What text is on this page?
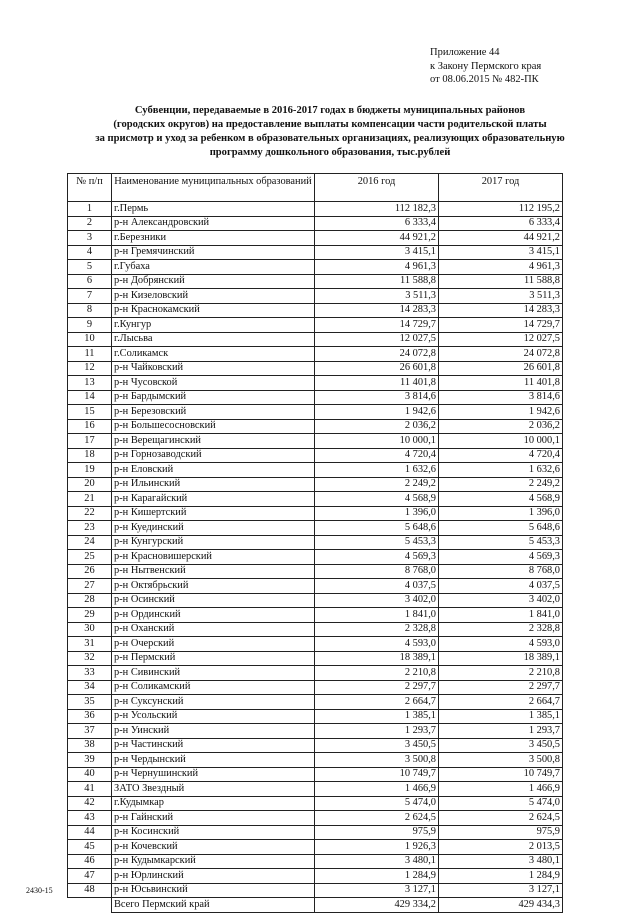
Приложение 44
к Закону Пермского края
от 08.06.2015 № 482-ПК
Субвенции, передаваемые в 2016-2017 годах в бюджеты муниципальных районов
(городских округов) на предоставление выплаты компенсации части родительской платы
за присмотр и уход за ребенком в образовательных организациях, реализующих образовательную
программу дошкольного образования, тыс.рублей
№ п/п	Наименование муниципальных образований	2016 год	2017 год
1	г.Пермь	112 182,3	112 195,2
2	р-н Александровский	6 333,4	6 333,4
3	г.Березники	44 921,2	44 921,2
4	р-н Гремячинский	3 415,1	3 415,1
5	г.Губаха	4 961,3	4 961,3
6	р-н Добрянский	11 588,8	11 588,8
7	р-н Кизеловский	3 511,3	3 511,3
8	р-н Краснокамский	14 283,3	14 283,3
9	г.Кунгур	14 729,7	14 729,7
10	г.Лысьва	12 027,5	12 027,5
11	г.Соликамск	24 072,8	24 072,8
12	р-н Чайковский	26 601,8	26 601,8
13	р-н Чусовской	11 401,8	11 401,8
14	р-н Бардымский	3 814,6	3 814,6
15	р-н Березовский	1 942,6	1 942,6
16	р-н Большесосновский	2 036,2	2 036,2
17	р-н Верещагинский	10 000,1	10 000,1
18	р-н Горнозаводский	4 720,4	4 720,4
19	р-н Еловский	1 632,6	1 632,6
20	р-н Ильинский	2 249,2	2 249,2
21	р-н Карагайский	4 568,9	4 568,9
22	р-н Кишертский	1 396,0	1 396,0
23	р-н Куединский	5 648,6	5 648,6
24	р-н Кунгурский	5 453,3	5 453,3
25	р-н Красновишерский	4 569,3	4 569,3
26	р-н Нытвенский	8 768,0	8 768,0
27	р-н Октябрьский	4 037,5	4 037,5
28	р-н Осинский	3 402,0	3 402,0
29	р-н Ординский	1 841,0	1 841,0
30	р-н Оханский	2 328,8	2 328,8
31	р-н Очерский	4 593,0	4 593,0
32	р-н Пермский	18 389,1	18 389,1
33	р-н Сивинский	2 210,8	2 210,8
34	р-н Соликамский	2 297,7	2 297,7
35	р-н Суксунский	2 664,7	2 664,7
36	р-н Усольский	1 385,1	1 385,1
37	р-н Уинский	1 293,7	1 293,7
38	р-н Частинский	3 450,5	3 450,5
39	р-н Чердынский	3 500,8	3 500,8
40	р-н Чернушинский	10 749,7	10 749,7
41	ЗАТО Звездный	1 466,9	1 466,9
42	г.Кудымкар	5 474,0	5 474,0
43	р-н Гайнский	2 624,5	2 624,5
44	р-н Косинский	975,9	975,9
45	р-н Кочевский	1 926,3	2 013,5
46	р-н Кудымкарский	3 480,1	3 480,1
47	р-н Юрлинский	1 284,9	1 284,9
48	р-н Юсьвинский	3 127,1	3 127,1
	Всего Пермский край	429 334,2	429 434,3
2430-15
